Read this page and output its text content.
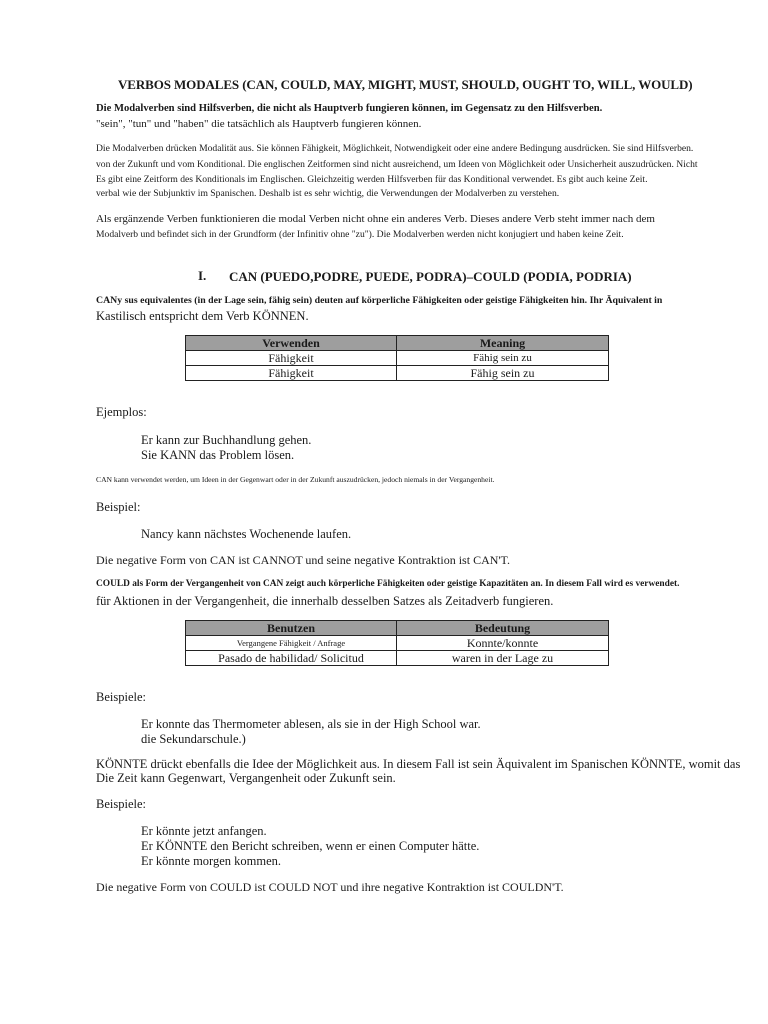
VERBOS MODALES (CAN, COULD, MAY, MIGHT, MUST, SHOULD, OUGHT TO, WILL, WOULD)
Die Modalverben sind Hilfsverben, die nicht als Hauptverb fungieren können, im Gegensatz zu den Hilfsverben.
"sein", "tun" und "haben" die tatsächlich als Hauptverb fungieren können.
Die Modalverben drücken Modalität aus. Sie können Fähigkeit, Möglichkeit, Notwendigkeit oder eine andere Bedingung ausdrücken. Sie sind Hilfsverben.
von der Zukunft und vom Konditional. Die englischen Zeitformen sind nicht ausreichend, um Ideen von Möglichkeit oder Unsicherheit auszudrücken. Nicht
Es gibt eine Zeitform des Konditionals im Englischen. Gleichzeitig werden Hilfsverben für das Konditional verwendet. Es gibt auch keine Zeit.
verbal wie der Subjunktiv im Spanischen. Deshalb ist es sehr wichtig, die Verwendungen der Modalverben zu verstehen.
Als ergänzende Verben funktionieren die modal Verben nicht ohne ein anderes Verb. Dieses andere Verb steht immer nach dem
Modalverb und befindet sich in der Grundform (der Infinitiv ohne "zu"). Die Modalverben werden nicht konjugiert und haben keine Zeit.
I. CAN (PUEDO,PODRE, PUEDE, PODRA)–COULD (PODIA, PODRIA)
CANy sus equivalentes (in der Lage sein, fähig sein) deuten auf körperliche Fähigkeiten oder geistige Fähigkeiten hin. Ihr Äquivalent in
Kastilisch entspricht dem Verb KÖNNEN.
Verwenden	Meaning
Fähigkeit	Fähig sein zu
Fähigkeit	Fähig sein zu
Ejemplos:
Er kann zur Buchhandlung gehen.
Sie KANN das Problem lösen.
CAN kann verwendet werden, um Ideen in der Gegenwart oder in der Zukunft auszudrücken, jedoch niemals in der Vergangenheit.
Beispiel:
Nancy kann nächstes Wochenende laufen.
Die negative Form von CAN ist CANNOT und seine negative Kontraktion ist CAN'T.
COULD als Form der Vergangenheit von CAN zeigt auch körperliche Fähigkeiten oder geistige Kapazitäten an. In diesem Fall wird es verwendet.
für Aktionen in der Vergangenheit, die innerhalb desselben Satzes als Zeitadverb fungieren.
Benutzen	Bedeutung
Vergangene Fähigkeit / Anfrage	Konnte/konnte
Pasado de habilidad/ Solicitud	waren in der Lage zu
Beispiele:
Er konnte das Thermometer ablesen, als sie in der High School war.
die Sekundarschule.)
KÖNNTE drückt ebenfalls die Idee der Möglichkeit aus. In diesem Fall ist sein Äquivalent im Spanischen KÖNNTE, womit das
Die Zeit kann Gegenwart, Vergangenheit oder Zukunft sein.
Beispiele:
Er könnte jetzt anfangen.
Er KÖNNTE den Bericht schreiben, wenn er einen Computer hätte.
Er könnte morgen kommen.
Die negative Form von COULD ist COULD NOT und ihre negative Kontraktion ist COULDN'T.
